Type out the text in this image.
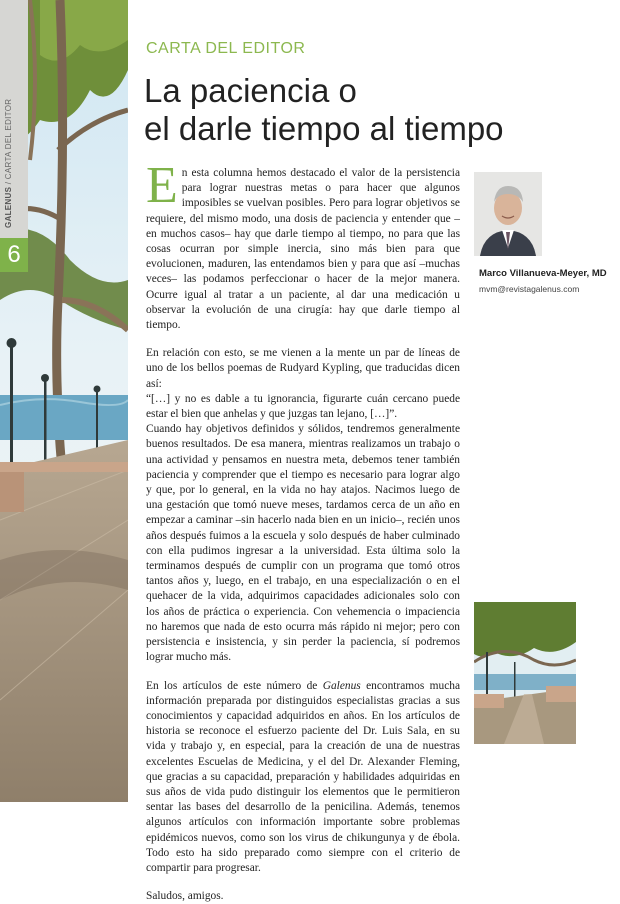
6
GALENUS / CARTA DEL EDITOR
CARTA DEL EDITOR
La paciencia o
el darle tiempo al tiempo

En esta columna hemos destacado el valor de la persistencia para lograr nuestras metas o para hacer que algunos imposibles se vuelvan posibles. Pero para lograr objetivos se requiere, del mismo modo, una dosis de paciencia y entender que –en muchos casos– hay que darle tiempo al tiempo, no para que las cosas ocurran por simple inercia, sino más bien para que evolucionen, maduren, las entendamos bien y para que así –muchas veces– las podamos perfeccionar o hacer de la mejor manera. Ocurre igual al tratar a un paciente, al dar una medicación u observar la evolución de una cirugía: hay que darle tiempo al tiempo.

En relación con esto, se me vienen a la mente un par de líneas de uno de los bellos poemas de Rudyard Kypling, que traducidas dicen así:

“[…] y no es dable a tu ignorancia, figurarte cuán cercano puede estar el bien que anhelas y que juzgas tan lejano, […]”.

Cuando hay objetivos definidos y sólidos, tendremos generalmente buenos resultados. De esa manera, mientras realizamos un trabajo o una actividad y pensamos en nuestra meta, debemos tener también paciencia y comprender que el tiempo es necesario para lograr algo y que, por lo general, en la vida no hay atajos. Nacimos luego de una gestación que tomó nueve meses, tardamos cerca de un año en empezar a caminar –sin hacerlo nada bien en un inicio–, recién unos años después fuimos a la escuela y solo después de haber culminado con ella pudimos ingresar a la universidad. Esta última solo la terminamos después de cumplir con un programa que tomó otros tantos años y, luego, en el trabajo, en una especialización o en el quehacer de la vida, adquirimos capacidades adicionales solo con los años de práctica o experiencia. Con vehemencia o impaciencia no haremos que nada de esto ocurra más rápido ni mejor; pero con persistencia e insistencia, y sin perder la paciencia, sí podremos lograr mucho más.

En los artículos de este número de Galenus encontramos mucha información preparada por distinguidos especialistas gracias a sus conocimientos y capacidad adquiridos en años. En los artículos de historia se reconoce el esfuerzo paciente del Dr. Luis Sala, en su vida y trabajo y, en especial, para la creación de una de nuestras excelentes Escuelas de Medicina, y el del Dr. Alexander Fleming, que gracias a su capacidad, preparación y habilidades adquiridas en sus años de vida pudo distinguir los elementos que le permitieron sentar las bases del desarrollo de la penicilina. Además, tenemos algunos artículos con información importante sobre problemas epidémicos nuevos, como son los virus de chikungunya y de ébola. Todo esto ha sido preparado como siempre con el criterio de compartir para progresar.

Saludos, amigos.

Marco Villanueva-Meyer, MD
mvm@revistagalenus.com
